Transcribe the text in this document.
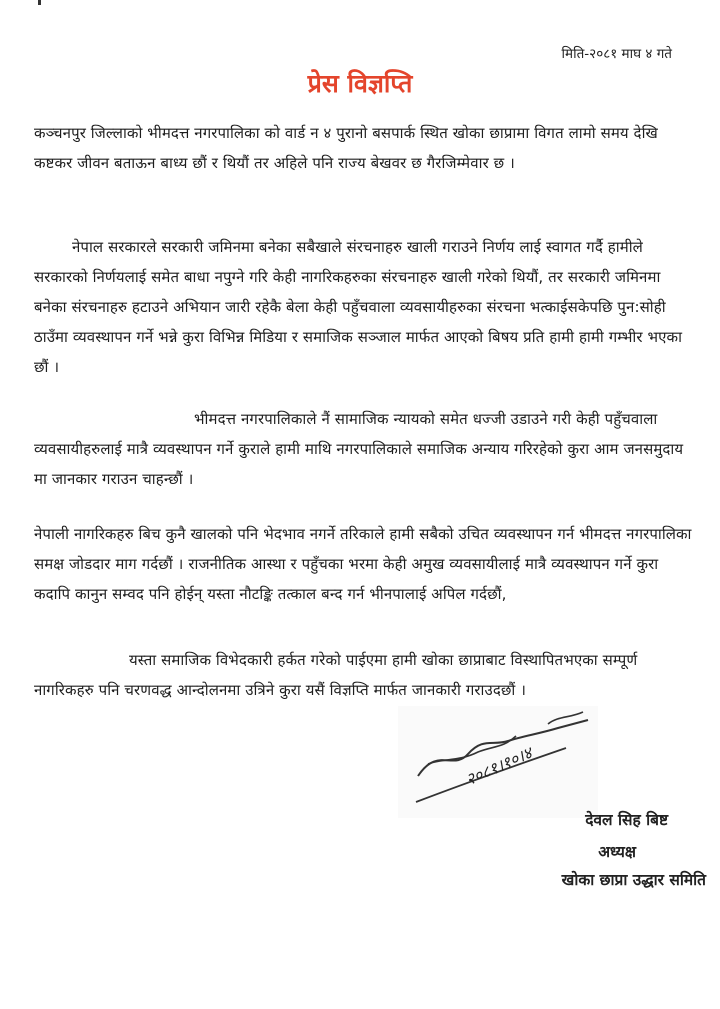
मिति-२०८१ माघ ४ गते
प्रेस विज्ञप्ति

कञ्चनपुर जिल्लाको भीमदत्त नगरपालिका को वार्ड न ४ पुरानो बसपार्क स्थित खोका छाप्रामा विगत लामो समय देखि कष्टकर जीवन बताऊन बाध्य छौं र थियौं तर अहिले पनि राज्य बेखवर छ गैरजिम्मेवार छ ।

नेपाल सरकारले सरकारी जमिनमा बनेका सबैखाले संरचनाहरु खाली गराउने निर्णय लाई स्वागत गर्दै हामीले सरकारको निर्णयलाई समेत बाधा नपुग्ने गरि केही नागरिकहरुका संरचनाहरु खाली गरेको थियौं, तर सरकारी जमिनमा बनेका संरचनाहरु हटाउने अभियान जारी रहेकै बेला केही पहुँचवाला व्यवसायीहरुका संरचना भत्काईसकेपछि पुन:सोही ठाउँमा व्यवस्थापन गर्ने भन्ने कुरा विभिन्न मिडिया र समाजिक सञ्जाल मार्फत आएको बिषय प्रति हामी हामी गम्भीर भएका छौं ।

भीमदत्त नगरपालिकाले नैं सामाजिक न्यायको समेत धज्जी उडाउने गरी केही पहुँचवाला व्यवसायीहरुलाई मात्रै व्यवस्थापन गर्ने कुराले हामी माथि नगरपालिकाले समाजिक अन्याय गरिरहेको कुरा आम जनसमुदाय मा जानकार गराउन चाहन्छौं ।

नेपाली नागरिकहरु बिच कुनै खालको पनि भेदभाव नगर्ने तरिकाले हामी सबैको उचित व्यवस्थापन गर्न भीमदत्त नगरपालिका समक्ष जोडदार माग गर्दछौं । राजनीतिक आस्था र पहुँचका भरमा केही अमुख व्यवसायीलाई मात्रै व्यवस्थापन गर्ने कुरा कदापि कानुन सम्वद पनि होईन् यस्ता नौटङ्कि तत्काल बन्द गर्न भीनपालाई अपिल गर्दछौं,

यस्ता समाजिक विभेदकारी हर्कत गरेको पाईएमा हामी खोका छाप्राबाट विस्थापितभएका सम्पूर्ण नागरिकहरु पनि चरणवद्ध आन्दोलनमा उत्रिने कुरा यसैं विज्ञप्ति मार्फत जानकारी गराउदछौं ।

२०८१।१०।४
देवल सिह बिष्ट
अध्यक्ष
खोका छाप्रा उद्धार समिति
